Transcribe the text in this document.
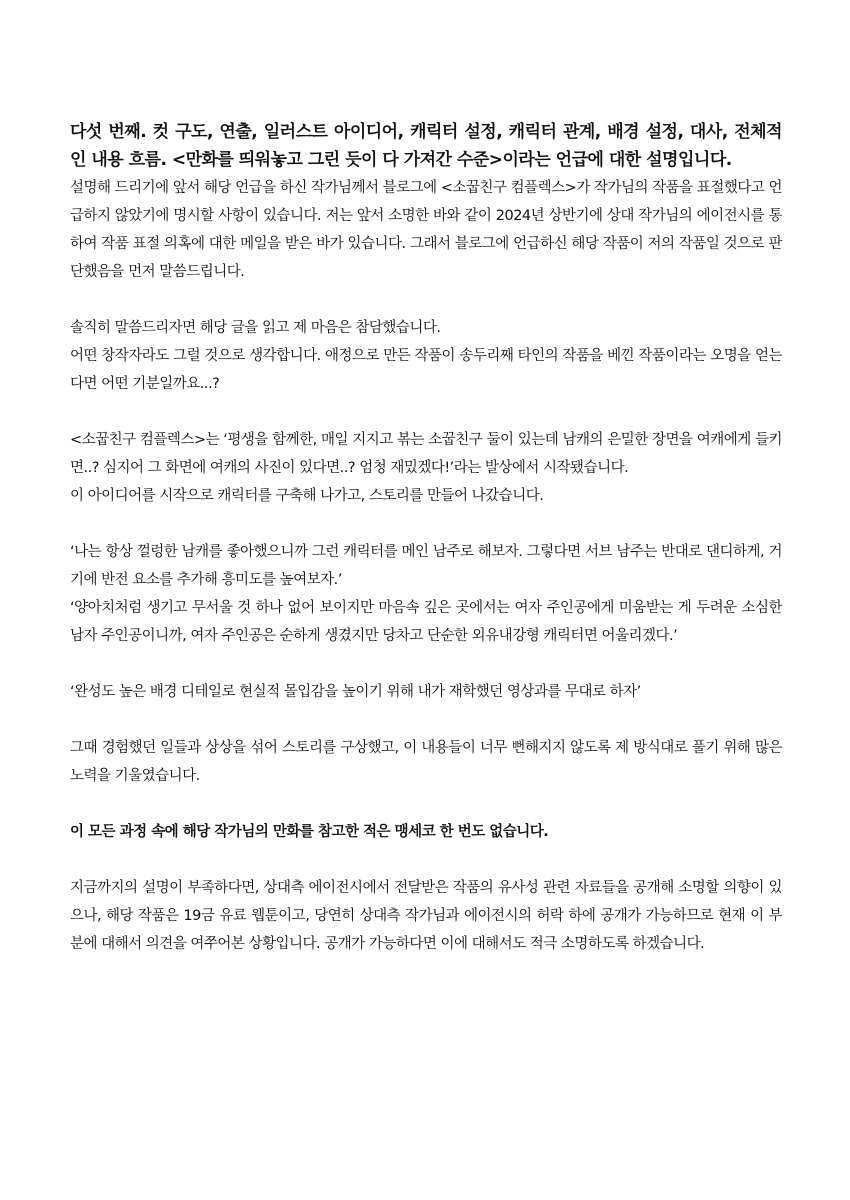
다섯 번째. 컷 구도, 연출, 일러스트 아이디어, 캐릭터 설정, 캐릭터 관계, 배경 설정, 대사, 전체적인 내용 흐름. <만화를 띄워놓고 그린 듯이 다 가져간 수준>이라는 언급에 대한 설명입니다.

설명해 드리기에 앞서 해당 언급을 하신 작가님께서 블로그에 <소꿉친구 컴플렉스>가 작가님의 작품을 표절했다고 언급하지 않았기에 명시할 사항이 있습니다. 저는 앞서 소명한 바와 같이 2024년 상반기에 상대 작가님의 에이전시를 통하여 작품 표절 의혹에 대한 메일을 받은 바가 있습니다. 그래서 블로그에 언급하신 해당 작품이 저의 작품일 것으로 판단했음을 먼저 말씀드립니다.

솔직히 말씀드리자면 해당 글을 읽고 제 마음은 참담했습니다.

어떤 창작자라도 그럴 것으로 생각합니다. 애정으로 만든 작품이 송두리째 타인의 작품을 베낀 작품이라는 오명을 얻는다면 어떤 기분일까요...?

<소꿉친구 컴플렉스>는 ‘평생을 함께한, 매일 지지고 볶는 소꿉친구 둘이 있는데 남캐의 은밀한 장면을 여캐에게 들키면..? 심지어 그 화면에 여캐의 사진이 있다면..? 엄청 재밌겠다!’라는 발상에서 시작됐습니다.

이 아이디어를 시작으로 캐릭터를 구축해 나가고, 스토리를 만들어 나갔습니다.

‘나는 항상 껄렁한 남캐를 좋아했으니까 그런 캐릭터를 메인 남주로 해보자. 그렇다면 서브 남주는 반대로 댄디하게, 거기에 반전 요소를 추가해 흥미도를 높여보자.’

‘양아치처럼 생기고 무서울 것 하나 없어 보이지만 마음속 깊은 곳에서는 여자 주인공에게 미움받는 게 두려운 소심한 남자 주인공이니까, 여자 주인공은 순하게 생겼지만 당차고 단순한 외유내강형 캐릭터면 어울리겠다.’

‘완성도 높은 배경 디테일로 현실적 몰입감을 높이기 위해 내가 재학했던 영상과를 무대로 하자’

그때 경험했던 일들과 상상을 섞어 스토리를 구상했고, 이 내용들이 너무 뻔해지지 않도록 제 방식대로 풀기 위해 많은 노력을 기울였습니다.

이 모든 과정 속에 해당 작가님의 만화를 참고한 적은 맹세코 한 번도 없습니다.

지금까지의 설명이 부족하다면, 상대측 에이전시에서 전달받은 작품의 유사성 관련 자료들을 공개해 소명할 의향이 있으나, 해당 작품은 19금 유료 웹툰이고, 당연히 상대측 작가님과 에이전시의 허락 하에 공개가 가능하므로 현재 이 부분에 대해서 의견을 여쭈어본 상황입니다. 공개가 가능하다면 이에 대해서도 적극 소명하도록 하겠습니다.
